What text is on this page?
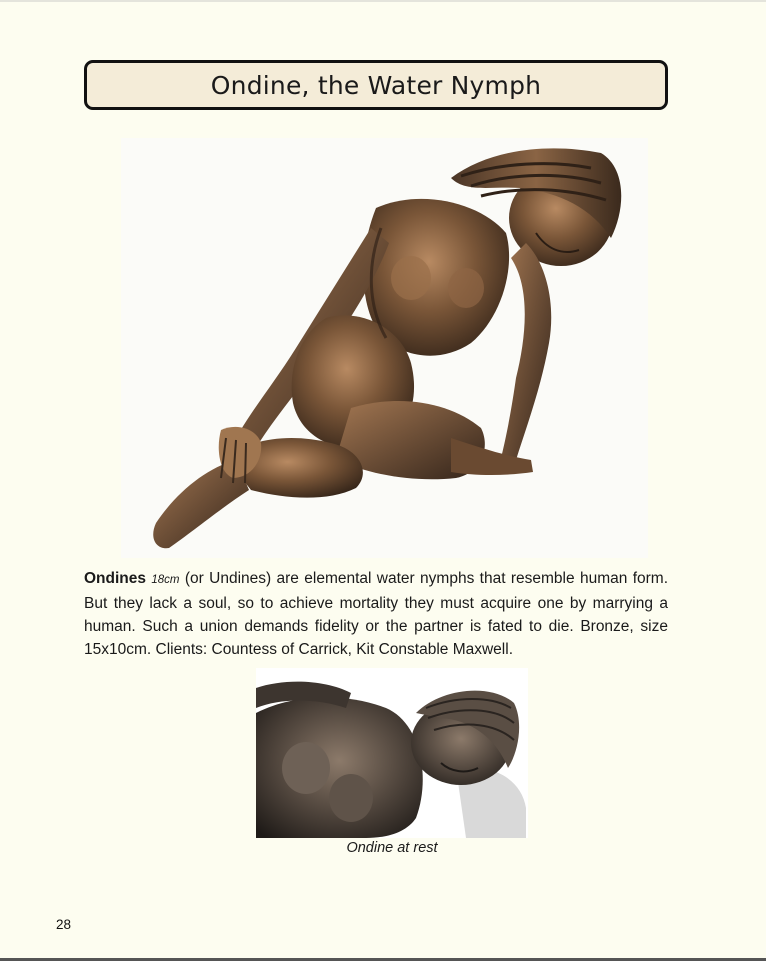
Ondine, the Water Nymph
Ondines 18cm (or Undines) are elemental water nymphs that resemble human form. But they lack a soul, so to achieve mortality they must acquire one by marrying a human. Such a union demands fidelity or the partner is fated to die. Bronze, size 15x10cm. Clients: Countess of Carrick, Kit Constable Maxwell.
Ondine at rest
28
